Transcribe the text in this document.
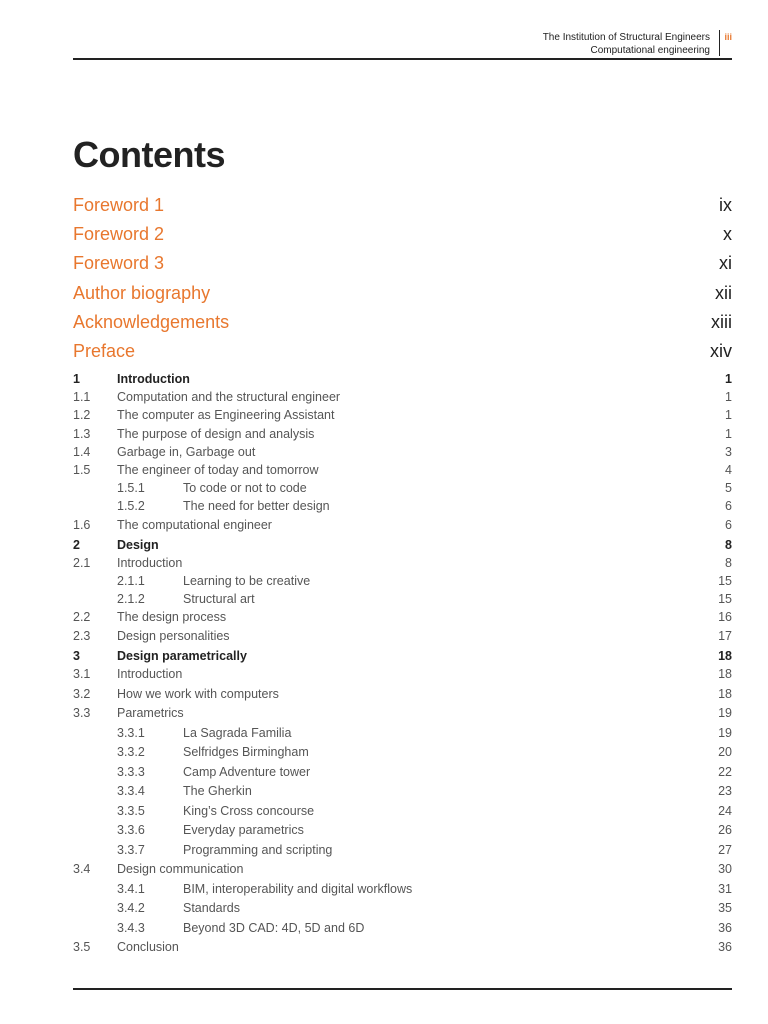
The Institution of Structural Engineers
Computational engineering
iii
Contents
Foreword 1	ix
Foreword 2	x
Foreword 3	xi
Author biography	xii
Acknowledgements	xiii
Preface	xiv
1	Introduction	1
1.1 Computation and the structural engineer	1
1.2 The computer as Engineering Assistant	1
1.3 The purpose of design and analysis	1
1.4 Garbage in, Garbage out	3
1.5 The engineer of today and tomorrow	4
1.5.1	To code or not to code	5
1.5.2	The need for better design	6
1.6 The computational engineer	6
2	Design	8
2.1 Introduction	8
2.1.1	Learning to be creative	15
2.1.2	Structural art	15
2.2 The design process	16
2.3 Design personalities	17
3	Design parametrically	18
3.1 Introduction	18
3.2 How we work with computers	18
3.3 Parametrics	19
3.3.1	La Sagrada Familia	19
3.3.2	Selfridges Birmingham	20
3.3.3	Camp Adventure tower	22
3.3.4	The Gherkin	23
3.3.5	King’s Cross concourse	24
3.3.6	Everyday parametrics	26
3.3.7	Programming and scripting	27
3.4 Design communication	30
3.4.1	BIM, interoperability and digital workflows	31
3.4.2	Standards	35
3.4.3	Beyond 3D CAD: 4D, 5D and 6D	36
3.5 Conclusion	36
